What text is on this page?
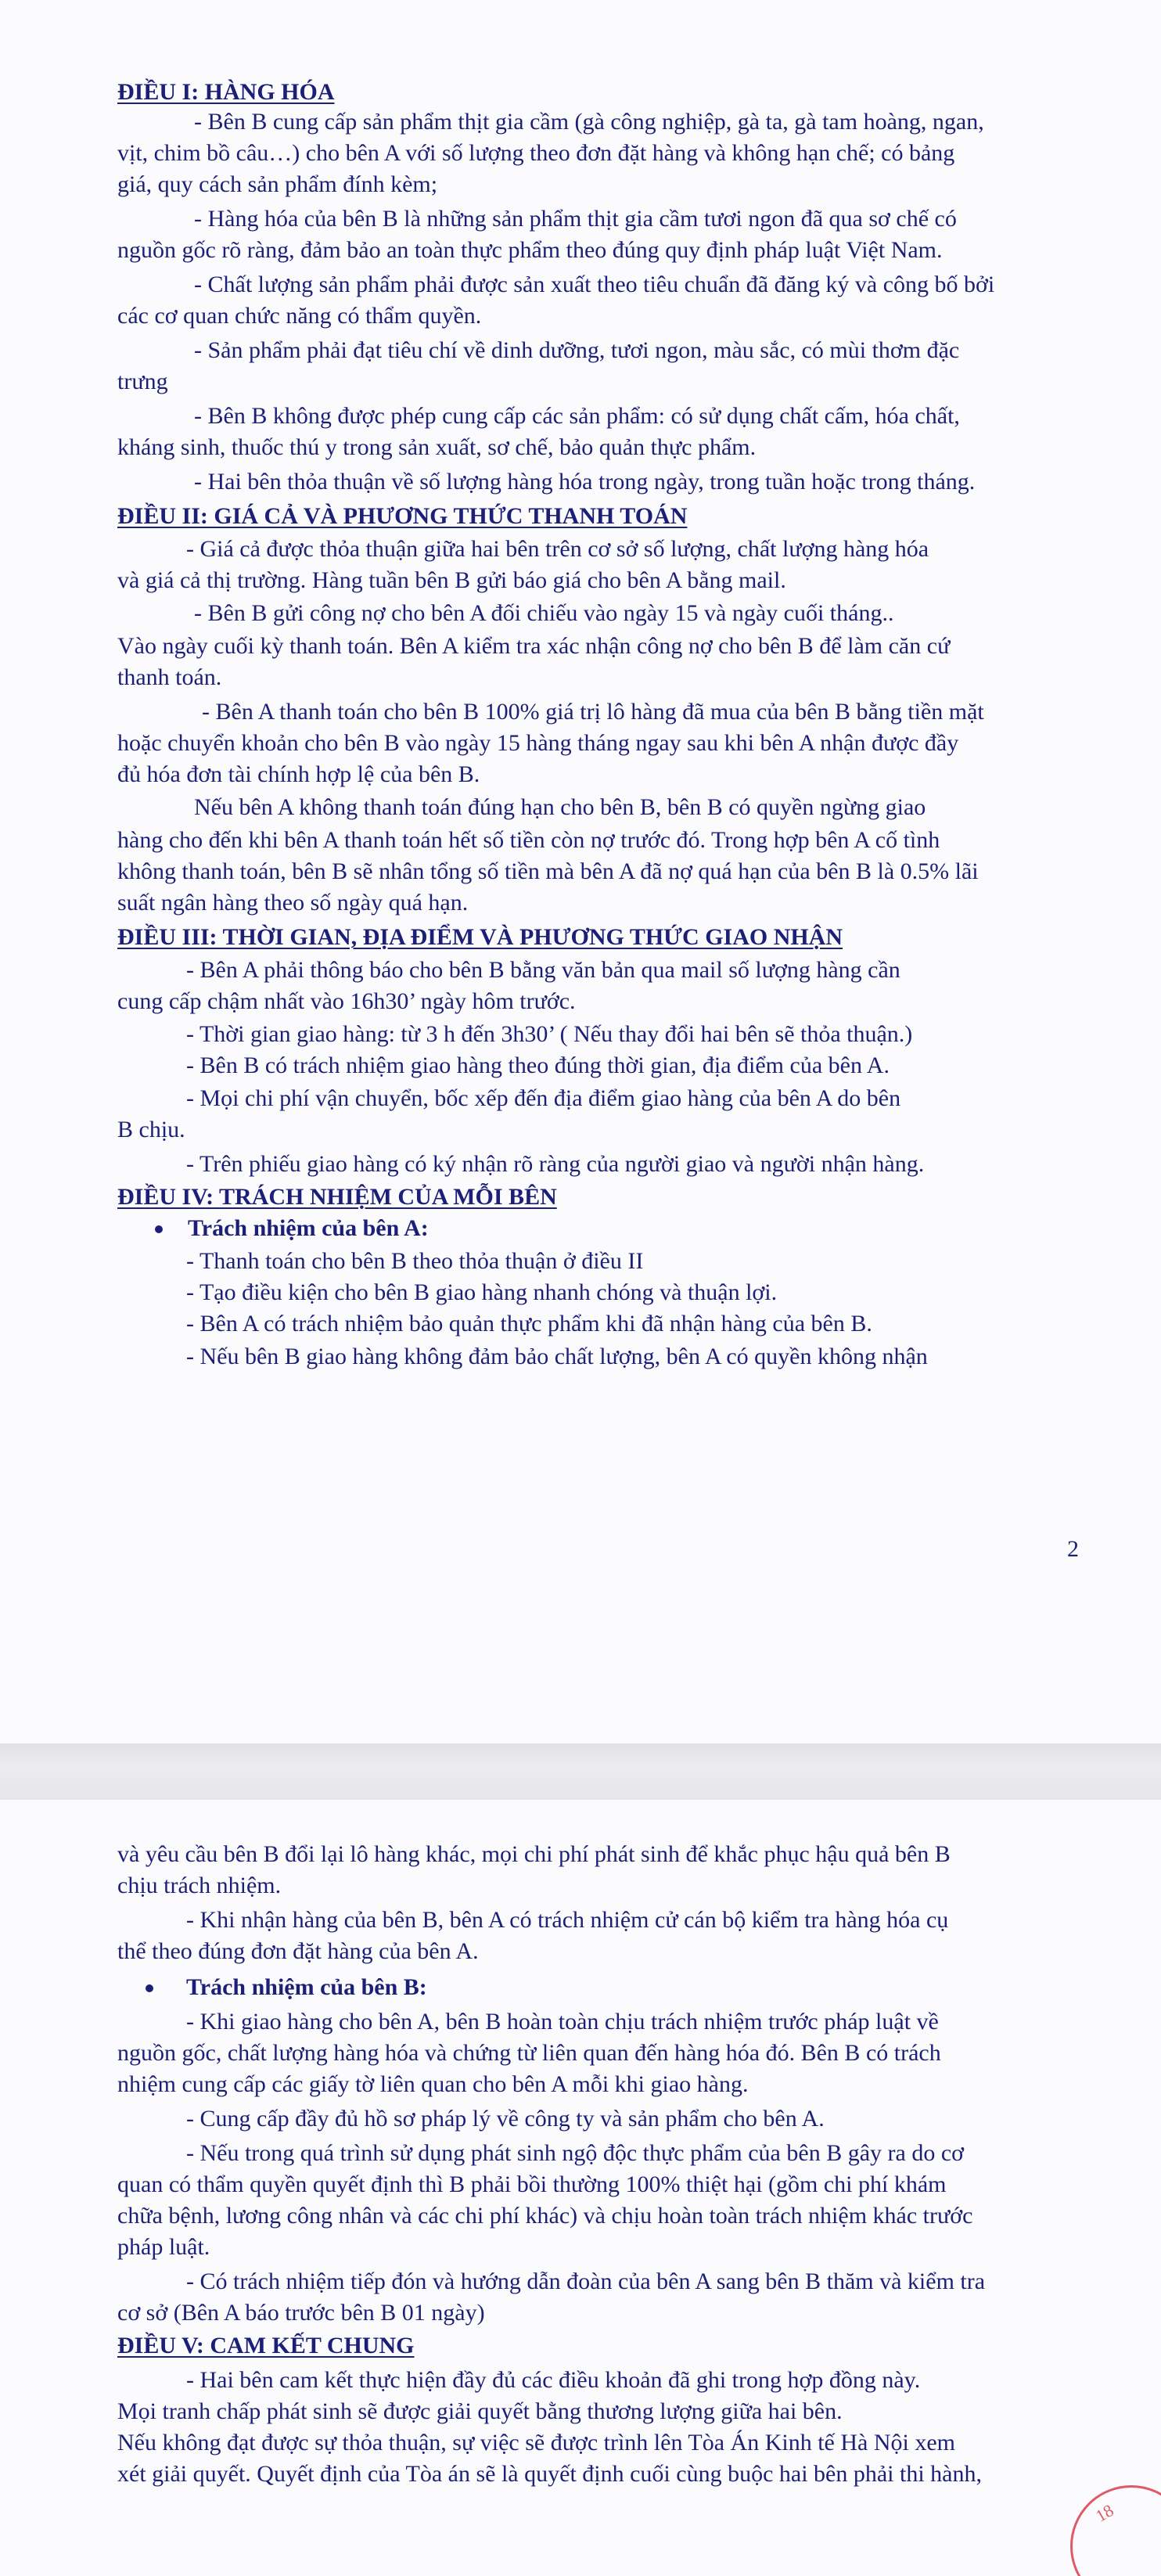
ĐIỀU I: HÀNG HÓA
- Bên B cung cấp sản phẩm thịt gia cầm (gà công nghiệp, gà ta, gà tam hoàng, ngan,
vịt, chim bồ câu…) cho bên A với số lượng theo đơn đặt hàng và không hạn chế; có bảng
giá, quy cách sản phẩm đính kèm;
- Hàng hóa của bên B là những sản phẩm thịt gia cầm tươi ngon đã qua sơ chế có
nguồn gốc rõ ràng, đảm bảo an toàn thực phẩm theo đúng quy định pháp luật Việt Nam.
- Chất lượng sản phẩm phải được sản xuất theo tiêu chuẩn đã đăng ký và công bố bởi
các cơ quan chức năng có thẩm quyền.
- Sản phẩm phải đạt tiêu chí về dinh dưỡng, tươi ngon, màu sắc, có mùi thơm đặc
trưng
- Bên B không được phép cung cấp các sản phẩm: có sử dụng chất cấm, hóa chất,
kháng sinh, thuốc thú y trong sản xuất, sơ chế, bảo quản thực phẩm.
- Hai bên thỏa thuận về số lượng hàng hóa trong ngày, trong tuần hoặc trong tháng.
ĐIỀU II: GIÁ CẢ VÀ PHƯƠNG THỨC THANH TOÁN
- Giá cả được thỏa thuận giữa hai bên trên cơ sở số lượng, chất lượng hàng hóa
và giá cả thị trường. Hàng tuần bên B gửi báo giá cho bên A bằng mail.
- Bên B gửi công nợ cho bên A đối chiếu vào ngày 15 và ngày cuối tháng..
Vào ngày cuối kỳ thanh toán. Bên A kiểm tra xác nhận công nợ cho bên B để làm căn cứ
thanh toán.
- Bên A thanh toán cho bên B 100% giá trị lô hàng đã mua của bên B bằng tiền mặt
hoặc chuyển khoản cho bên B vào ngày 15 hàng tháng ngay sau khi bên A nhận được đầy
đủ hóa đơn tài chính hợp lệ của bên B.
Nếu bên A không thanh toán đúng hạn cho bên B, bên B có quyền ngừng giao
hàng cho đến khi bên A thanh toán hết số tiền còn nợ trước đó. Trong hợp bên A cố tình
không thanh toán, bên B sẽ nhân tổng số tiền mà bên A đã nợ quá hạn của bên B là 0.5% lãi
suất ngân hàng theo số ngày quá hạn.
ĐIỀU III: THỜI GIAN, ĐỊA ĐIỂM VÀ PHƯƠNG THỨC GIAO NHẬN
- Bên A phải thông báo cho bên B bằng văn bản qua mail số lượng hàng cần
cung cấp chậm nhất vào 16h30’ ngày hôm trước.
- Thời gian giao hàng: từ 3 h đến 3h30’ ( Nếu thay đổi hai bên sẽ thỏa thuận.)
- Bên B có trách nhiệm giao hàng theo đúng thời gian, địa điểm của bên A.
- Mọi chi phí vận chuyển, bốc xếp đến địa điểm giao hàng của bên A do bên
B chịu.
- Trên phiếu giao hàng có ký nhận rõ ràng của người giao và người nhận hàng.
ĐIỀU IV: TRÁCH NHIỆM CỦA MỖI BÊN
Trách nhiệm của bên A:
- Thanh toán cho bên B theo thỏa thuận ở điều II
- Tạo điều kiện cho bên B giao hàng nhanh chóng và thuận lợi.
- Bên A có trách nhiệm bảo quản thực phẩm khi đã nhận hàng của bên B.
- Nếu bên B giao hàng không đảm bảo chất lượng, bên A có quyền không nhận
2
và yêu cầu bên B đổi lại lô hàng khác, mọi chi phí phát sinh để khắc phục hậu quả bên B
chịu trách nhiệm.
- Khi nhận hàng của bên B, bên A có trách nhiệm cử cán bộ kiểm tra hàng hóa cụ
thể theo đúng đơn đặt hàng của bên A.
Trách nhiệm của bên B:
- Khi giao hàng cho bên A, bên B hoàn toàn chịu trách nhiệm trước pháp luật về
nguồn gốc, chất lượng hàng hóa và chứng từ liên quan đến hàng hóa đó. Bên B có trách
nhiệm cung cấp các giấy tờ liên quan cho bên A mỗi khi giao hàng.
- Cung cấp đầy đủ hồ sơ pháp lý về công ty và sản phẩm cho bên A.
- Nếu trong quá trình sử dụng phát sinh ngộ độc thực phẩm của bên B gây ra do cơ
quan có thẩm quyền quyết định thì B phải bồi thường 100% thiệt hại (gồm chi phí khám
chữa bệnh, lương công nhân và các chi phí khác) và chịu hoàn toàn trách nhiệm khác trước
pháp luật.
- Có trách nhiệm tiếp đón và hướng dẫn đoàn của bên A sang bên B thăm và kiểm tra
cơ sở (Bên A báo trước bên B 01 ngày)
ĐIỀU V: CAM KẾT CHUNG
- Hai bên cam kết thực hiện đầy đủ các điều khoản đã ghi trong hợp đồng này.
Mọi tranh chấp phát sinh sẽ được giải quyết bằng thương lượng giữa hai bên.
Nếu không đạt được sự thỏa thuận, sự việc sẽ được trình lên Tòa Án Kinh tế Hà Nội xem
xét giải quyết. Quyết định của Tòa án sẽ là quyết định cuối cùng buộc hai bên phải thi hành,
18
